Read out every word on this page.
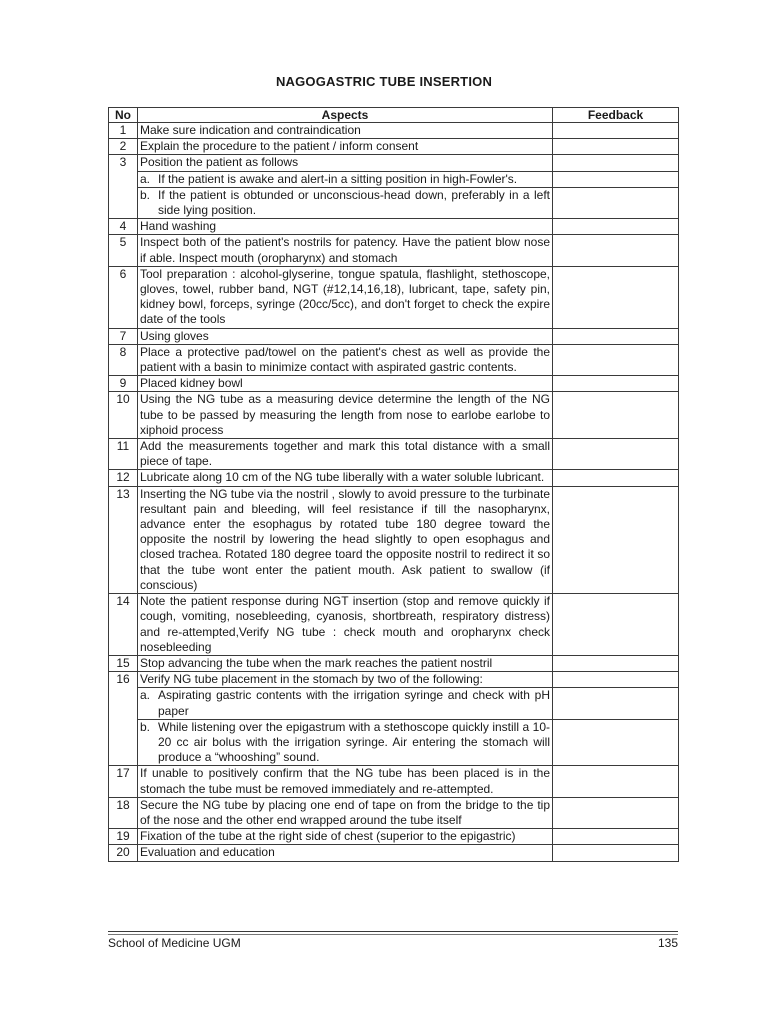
NAGOGASTRIC TUBE INSERTION
No	Aspects	Feedback
1	Make sure indication and contraindication	
2	Explain the procedure to the patient / inform consent	
3	Position the patient as follows	

	a. If the patient is awake and alert-in a sitting position in high-Fowler's.	

	b. If the patient is obtunded or unconscious-head down, preferably in a left side lying position.	

4	Hand washing	
5	Inspect both of the patient's nostrils for patency. Have the patient blow nose if able. Inspect mouth (oropharynx) and stomach	
6	Tool preparation : alcohol-glyserine, tongue spatula, flashlight, stethoscope, gloves, towel, rubber band, NGT (#12,14,16,18), lubricant, tape, safety pin, kidney bowl, forceps, syringe (20cc/5cc), and don't forget to check the expire date of the tools	
7	Using gloves	
8	Place a protective pad/towel on the patient's chest as well as provide the patient with a basin to minimize contact with aspirated gastric contents.	
9	Placed kidney bowl	
10	Using the NG tube as a measuring device determine the length of the NG tube to be passed by measuring the length from nose to earlobe earlobe to xiphoid process	
11	Add the measurements together and mark this total distance with a small piece of tape.	
12	Lubricate along 10 cm of the NG tube liberally with a water soluble lubricant.	
13	Inserting the NG tube via the nostril , slowly to avoid pressure to the turbinate resultant pain and bleeding, will feel resistance if till the nasopharynx, advance enter the esophagus by rotated tube 180 degree toward the opposite the nostril by lowering the head slightly to open esophagus and closed trachea. Rotated 180 degree toard the opposite nostril to redirect it so that the tube wont enter the patient mouth. Ask patient to swallow (if conscious)	
14	Note the patient response during NGT insertion (stop and remove quickly if cough, vomiting, nosebleeding, cyanosis, shortbreath, respiratory distress) and re-attempted,Verify NG tube : check mouth and oropharynx check nosebleeding	
15	Stop advancing the tube when the mark reaches the patient nostril	
16	Verify NG tube placement in the stomach by two of the following:	

	a. Aspirating gastric contents with the irrigation syringe and check with pH paper	

	b. While listening over the epigastrum with a stethoscope quickly instill a 10-20 cc air bolus with the irrigation syringe. Air entering the stomach will produce a “whooshing” sound.	

17	If unable to positively confirm that the NG tube has been placed is in the stomach the tube must be removed immediately and re-attempted.	
18	Secure the NG tube by placing one end of tape on from the bridge to the tip of the nose and the other end wrapped around the tube itself	
19	Fixation of the tube at the right side of chest (superior to the epigastric)	
20	Evaluation and education	
School of Medicine UGM	135
